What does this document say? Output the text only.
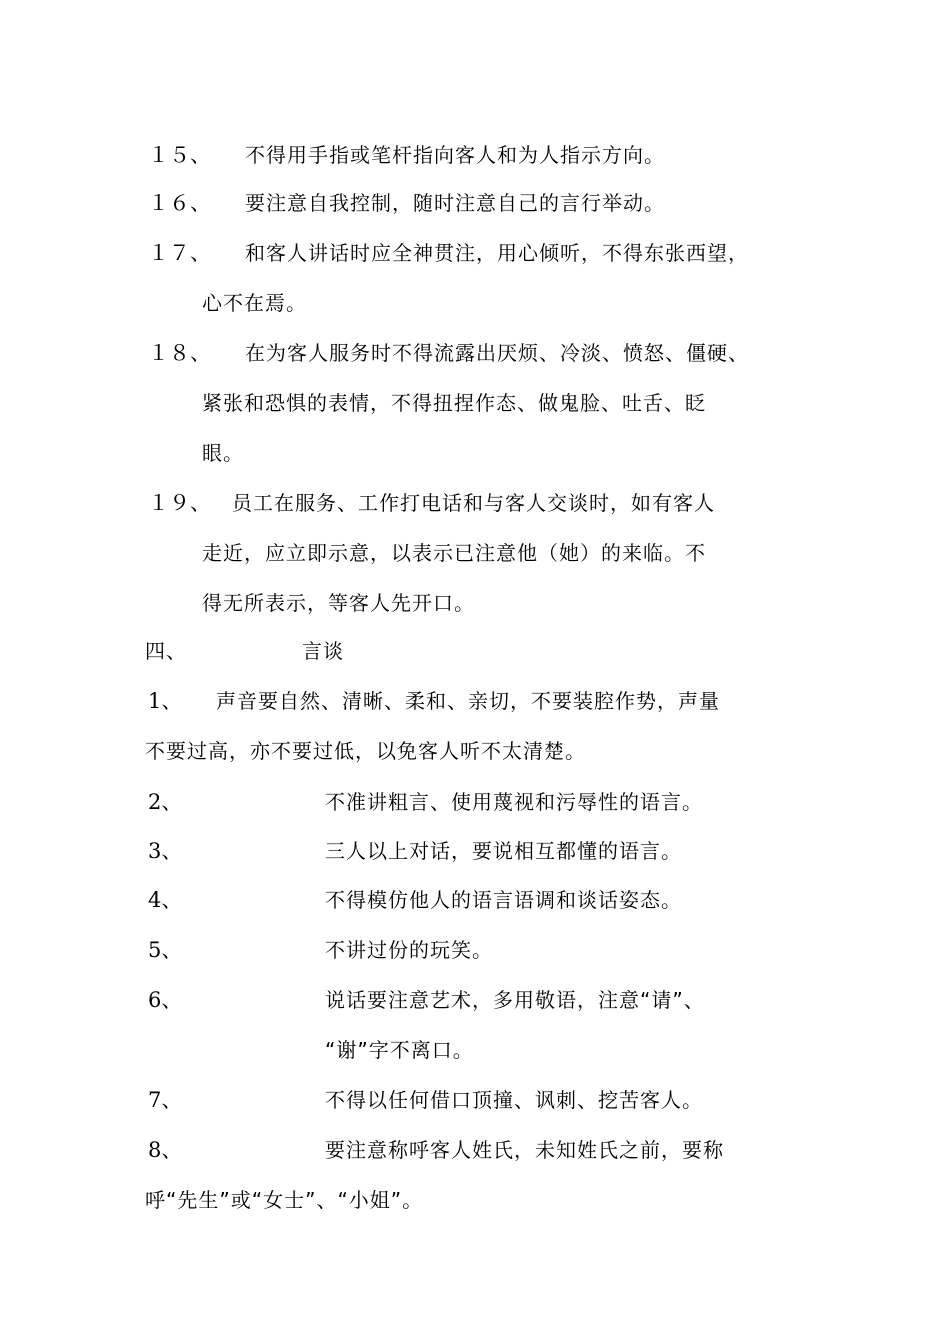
１５、 不得用手指或笔杆指向客人和为人指示方向。
１６、 要注意自我控制，随时注意自己的言行举动。
１７、 和客人讲话时应全神贯注，用心倾听，不得东张西望，
心不在焉。
１８、 在为客人服务时不得流露出厌烦、冷淡、愤怒、僵硬、
紧张和恐惧的表情，不得扭捏作态、做鬼脸、吐舌、眨
眼。
１９、 员工在服务、工作打电话和与客人交谈时，如有客人
走近，应立即示意，以表示已注意他（她）的来临。不
得无所表示，等客人先开口。
四、	言谈
1、 声音要自然、清晰、柔和、亲切，不要装腔作势，声量
不要过高，亦不要过低，以免客人听不太清楚。
2、	不准讲粗言、使用蔑视和污辱性的语言。
3、	三人以上对话，要说相互都懂的语言。
4、	不得模仿他人的语言语调和谈话姿态。
5、	不讲过份的玩笑。
6、	说话要注意艺术，多用敬语，注意“请”、
“谢”字不离口。
7、	不得以任何借口顶撞、讽刺、挖苦客人。
8、	要注意称呼客人姓氏，未知姓氏之前，要称
呼“先生”或“女士”、“小姐”。
